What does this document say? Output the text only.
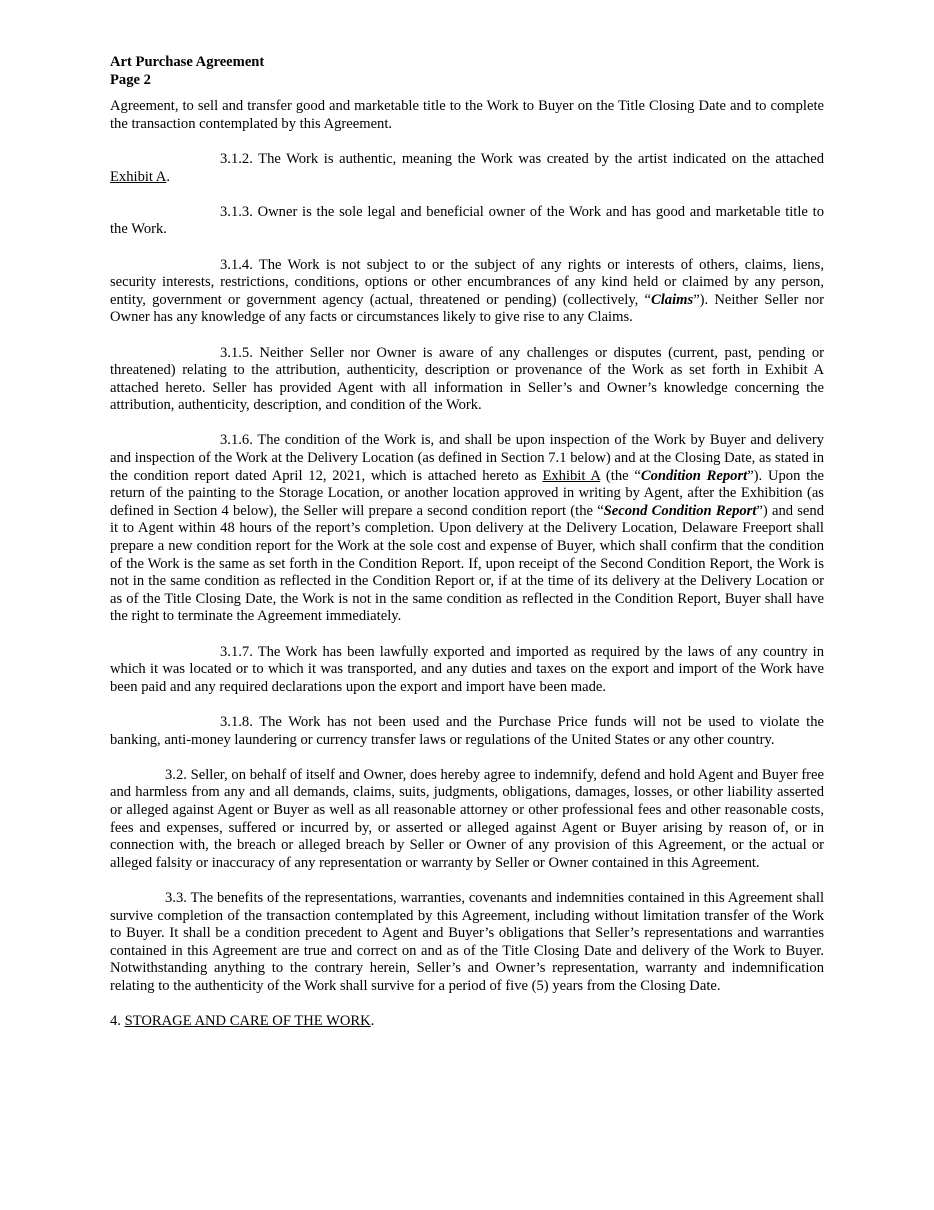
Art Purchase Agreement
Page 2

Agreement, to sell and transfer good and marketable title to the Work to Buyer on the Title Closing Date and to complete the transaction contemplated by this Agreement.

3.1.2. The Work is authentic, meaning the Work was created by the artist indicated on the attached Exhibit A.

3.1.3. Owner is the sole legal and beneficial owner of the Work and has good and marketable title to the Work.

3.1.4. The Work is not subject to or the subject of any rights or interests of others, claims, liens, security interests, restrictions, conditions, options or other encumbrances of any kind held or claimed by any person, entity, government or government agency (actual, threatened or pending) (collectively, “Claims”). Neither Seller nor Owner has any knowledge of any facts or circumstances likely to give rise to any Claims.

3.1.5. Neither Seller nor Owner is aware of any challenges or disputes (current, past, pending or threatened) relating to the attribution, authenticity, description or provenance of the Work as set forth in Exhibit A attached hereto. Seller has provided Agent with all information in Seller’s and Owner’s knowledge concerning the attribution, authenticity, description, and condition of the Work.

3.1.6. The condition of the Work is, and shall be upon inspection of the Work by Buyer and delivery and inspection of the Work at the Delivery Location (as defined in Section 7.1 below) and at the Closing Date, as stated in the condition report dated April 12, 2021, which is attached hereto as Exhibit A (the “Condition Report”). Upon the return of the painting to the Storage Location, or another location approved in writing by Agent, after the Exhibition (as defined in Section 4 below), the Seller will prepare a second condition report (the “Second Condition Report”) and send it to Agent within 48 hours of the report’s completion. Upon delivery at the Delivery Location, Delaware Freeport shall prepare a new condition report for the Work at the sole cost and expense of Buyer, which shall confirm that the condition of the Work is the same as set forth in the Condition Report. If, upon receipt of the Second Condition Report, the Work is not in the same condition as reflected in the Condition Report or, if at the time of its delivery at the Delivery Location or as of the Title Closing Date, the Work is not in the same condition as reflected in the Condition Report, Buyer shall have the right to terminate the Agreement immediately.

3.1.7. The Work has been lawfully exported and imported as required by the laws of any country in which it was located or to which it was transported, and any duties and taxes on the export and import of the Work have been paid and any required declarations upon the export and import have been made.

3.1.8. The Work has not been used and the Purchase Price funds will not be used to violate the banking, anti-money laundering or currency transfer laws or regulations of the United States or any other country.

3.2. Seller, on behalf of itself and Owner, does hereby agree to indemnify, defend and hold Agent and Buyer free and harmless from any and all demands, claims, suits, judgments, obligations, damages, losses, or other liability asserted or alleged against Agent or Buyer as well as all reasonable attorney or other professional fees and other reasonable costs, fees and expenses, suffered or incurred by, or asserted or alleged against Agent or Buyer arising by reason of, or in connection with, the breach or alleged breach by Seller or Owner of any provision of this Agreement, or the actual or alleged falsity or inaccuracy of any representation or warranty by Seller or Owner contained in this Agreement.

3.3. The benefits of the representations, warranties, covenants and indemnities contained in this Agreement shall survive completion of the transaction contemplated by this Agreement, including without limitation transfer of the Work to Buyer. It shall be a condition precedent to Agent and Buyer’s obligations that Seller’s representations and warranties contained in this Agreement are true and correct on and as of the Title Closing Date and delivery of the Work to Buyer. Notwithstanding anything to the contrary herein, Seller’s and Owner’s representation, warranty and indemnification relating to the authenticity of the Work shall survive for a period of five (5) years from the Closing Date.

4. STORAGE AND CARE OF THE WORK.
